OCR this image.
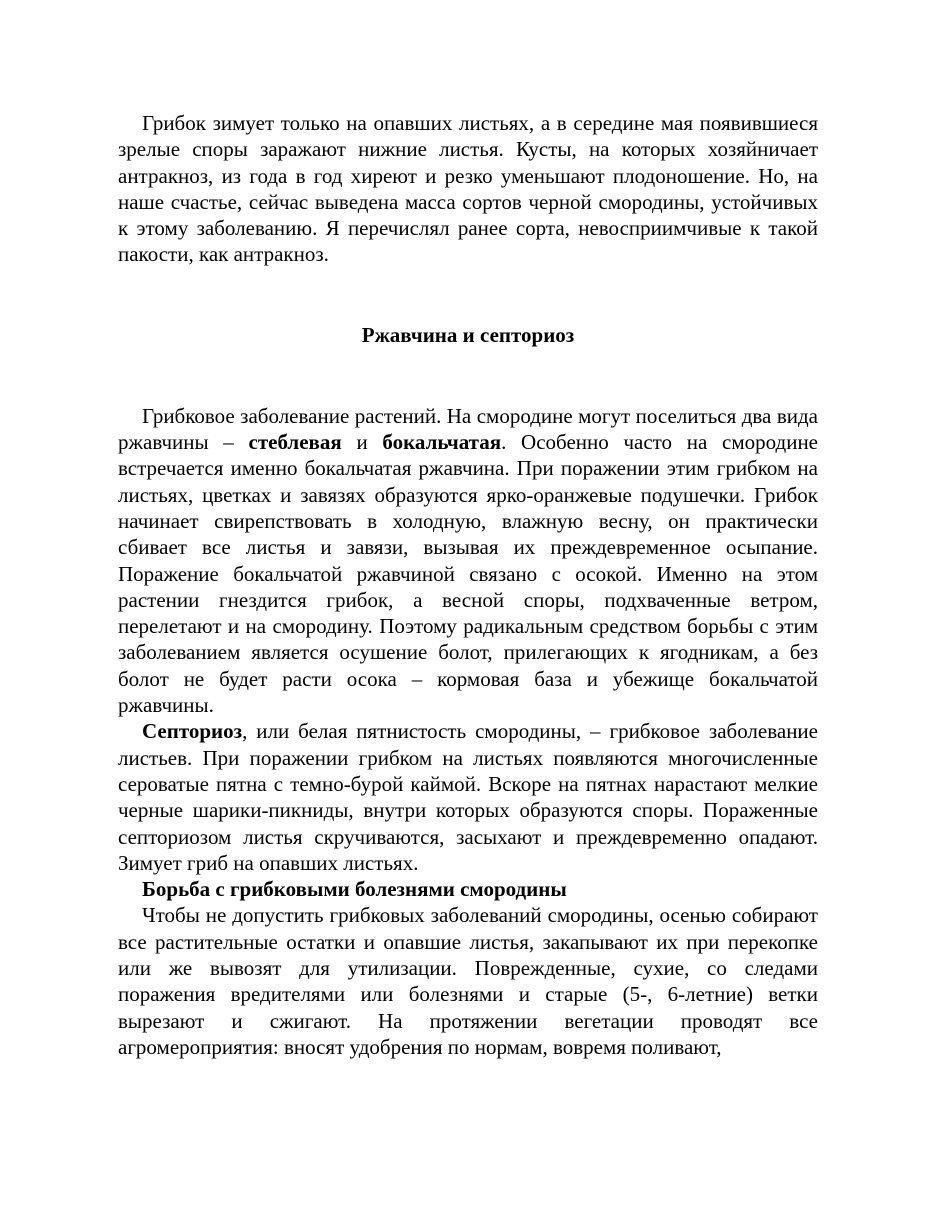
Грибок зимует только на опавших листьях, а в середине мая появившиеся зрелые споры заражают нижние листья. Кусты, на которых хозяйничает антракноз, из года в год хиреют и резко уменьшают плодоношение. Но, на наше счастье, сейчас выведена масса сортов черной смородины, устойчивых к этому заболеванию. Я перечислял ранее сорта, невосприимчивые к такой пакости, как антракноз.

Ржавчина и септориоз

Грибковое заболевание растений. На смородине могут поселиться два вида ржавчины – стеблевая и бокальчатая. Особенно часто на смородине встречается именно бокальчатая ржавчина. При поражении этим грибком на листьях, цветках и завязях образуются ярко-оранжевые подушечки. Грибок начинает свирепствовать в холодную, влажную весну, он практически сбивает все листья и завязи, вызывая их преждевременное осыпание. Поражение бокальчатой ржавчиной связано с осокой. Именно на этом растении гнездится грибок, а весной споры, подхваченные ветром, перелетают и на смородину. Поэтому радикальным средством борьбы с этим заболеванием является осушение болот, прилегающих к ягодникам, а без болот не будет расти осока – кормовая база и убежище бокальчатой ржавчины.

Септориоз, или белая пятнистость смородины, – грибковое заболевание листьев. При поражении грибком на листьях появляются многочисленные сероватые пятна с темно-бурой каймой. Вскоре на пятнах нарастают мелкие черные шарики-пикниды, внутри которых образуются споры. Пораженные септориозом листья скручиваются, засыхают и преждевременно опадают. Зимует гриб на опавших листьях.

Борьба с грибковыми болезнями смородины

Чтобы не допустить грибковых заболеваний смородины, осенью собирают все растительные остатки и опавшие листья, закапывают их при перекопке или же вывозят для утилизации. Поврежденные, сухие, со следами поражения вредителями или болезнями и старые (5-, 6-летние) ветки вырезают и сжигают. На протяжении вегетации проводят все агромероприятия: вносят удобрения по нормам, вовремя поливают,
